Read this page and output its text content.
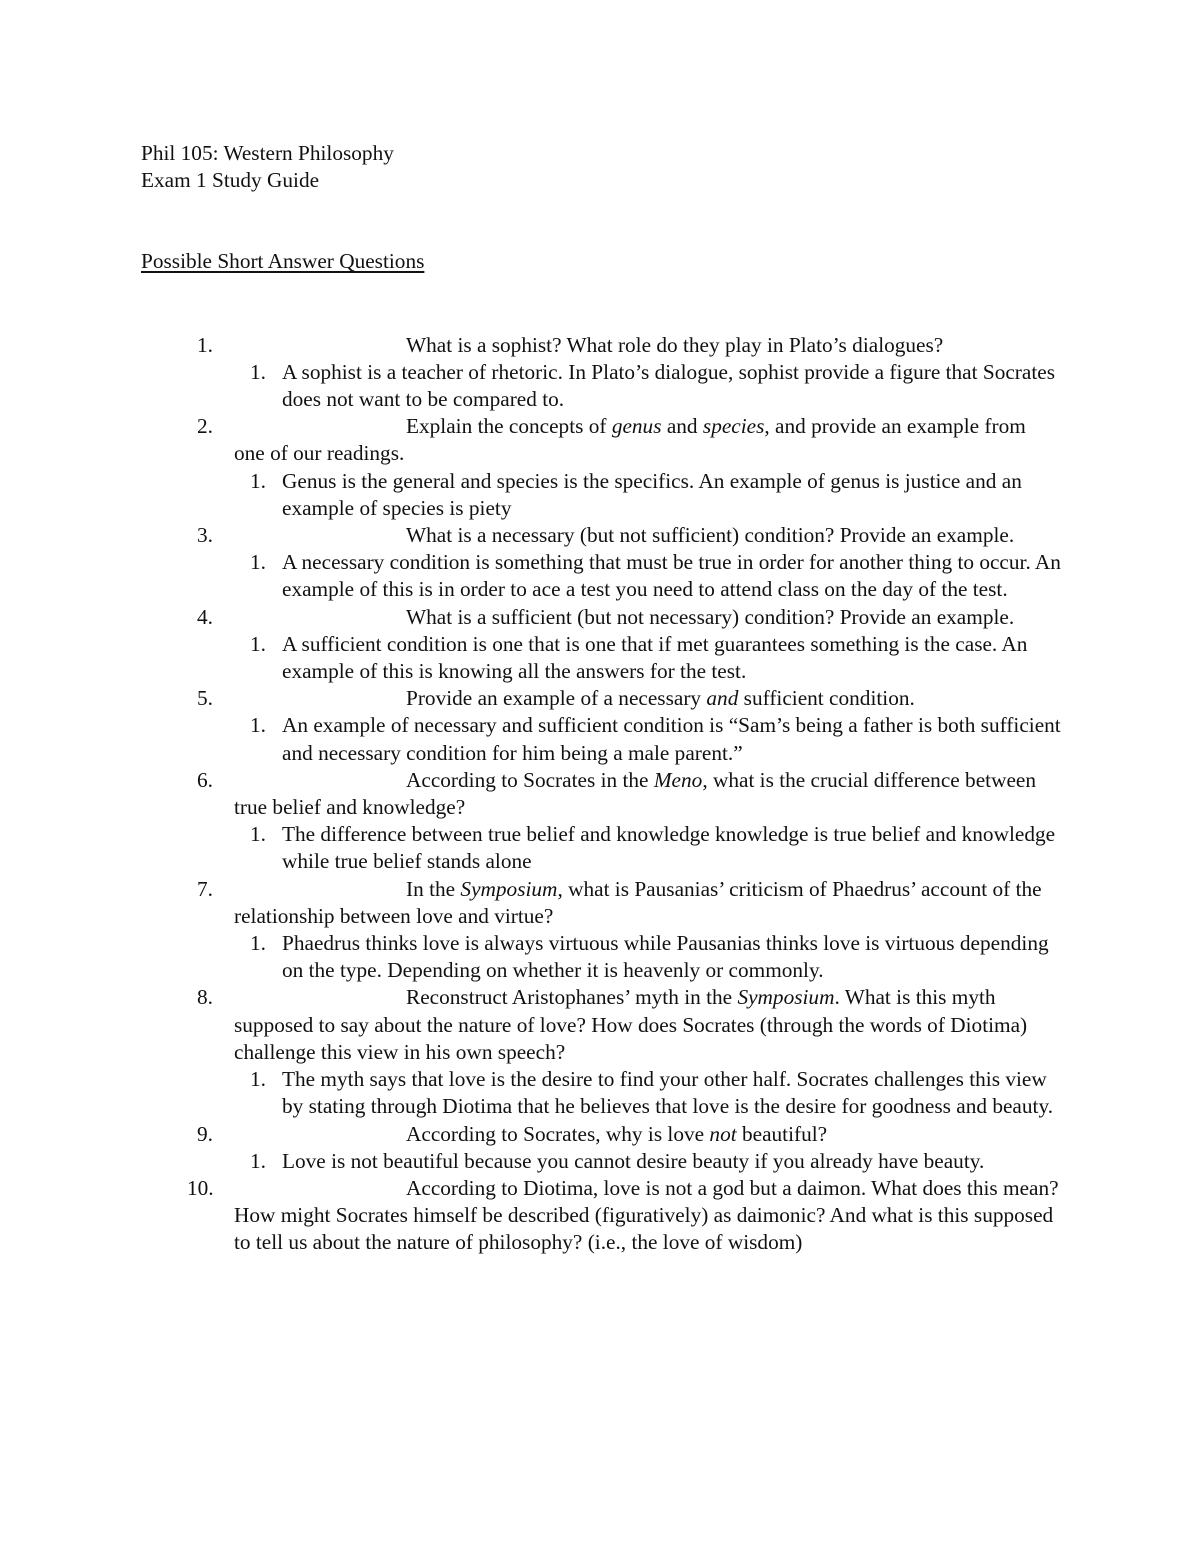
Phil 105: Western Philosophy

Exam 1 Study Guide

Possible Short Answer Questions

1.	What is a sophist? What role do they play in Plato’s dialogues?

1. A sophist is a teacher of rhetoric. In Plato’s dialogue, sophist provide a figure that Socrates does not want to be compared to.

2.	Explain the concepts of genus and species, and provide an example from one of our readings.

1. Genus is the general and species is the specifics. An example of genus is justice and an example of species is piety

3.	What is a necessary (but not sufficient) condition? Provide an example.

1. A necessary condition is something that must be true in order for another thing to occur. An example of this is in order to ace a test you need to attend class on the day of the test.

4.	What is a sufficient (but not necessary) condition? Provide an example.

1. A sufficient condition is one that is one that if met guarantees something is the case. An example of this is knowing all the answers for the test.

5.	Provide an example of a necessary and sufficient condition.

1. An example of necessary and sufficient condition is “Sam’s being a father is both sufficient and necessary condition for him being a male parent.”

6.	According to Socrates in the Meno, what is the crucial difference between true belief and knowledge?

1. The difference between true belief and knowledge knowledge is true belief and knowledge while true belief stands alone

7.	In the Symposium, what is Pausanias’ criticism of Phaedrus’ account of the relationship between love and virtue?

1. Phaedrus thinks love is always virtuous while Pausanias thinks love is virtuous depending on the type. Depending on whether it is heavenly or commonly.

8.	Reconstruct Aristophanes’ myth in the Symposium. What is this myth supposed to say about the nature of love? How does Socrates (through the words of Diotima) challenge this view in his own speech?

1. The myth says that love is the desire to find your other half. Socrates challenges this view by stating through Diotima that he believes that love is the desire for goodness and beauty.

9.	According to Socrates, why is love not beautiful?

1. Love is not beautiful because you cannot desire beauty if you already have beauty.

10.	According to Diotima, love is not a god but a daimon. What does this mean? How might Socrates himself be described (figuratively) as daimonic? And what is this supposed to tell us about the nature of philosophy? (i.e., the love of wisdom)
